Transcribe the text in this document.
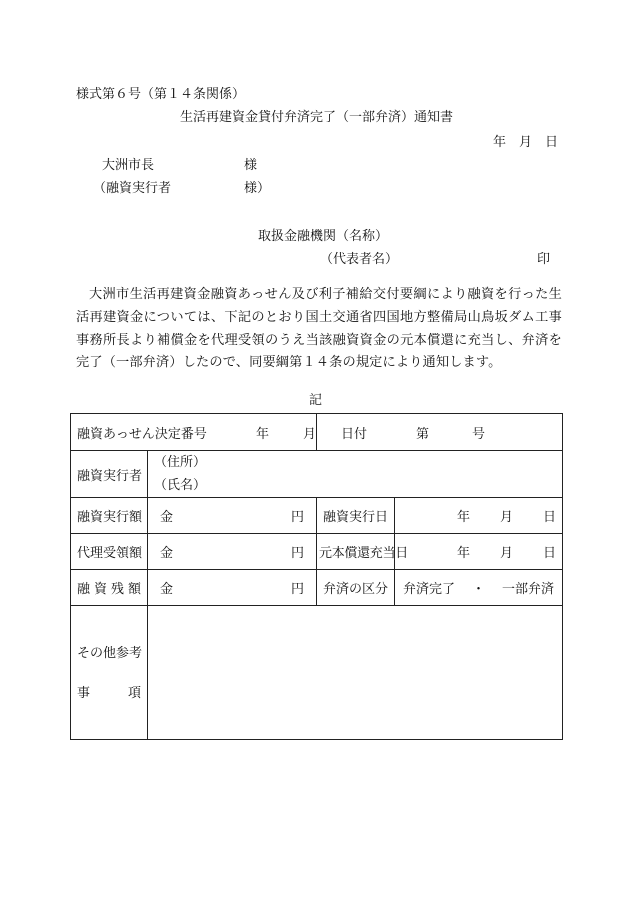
様式第６号（第１４条関係）
生活再建資金貸付弁済完了（一部弁済）通知書
年 月 日
大洲市長	様
（融資実行者	様）
取扱金融機関（名称）
（代表者名）	印
大洲市生活再建資金融資あっせん及び利子補給交付要綱により融資を行った生活再建資金については、下記のとおり国土交通省四国地方整備局山鳥坂ダム工事事務所長より補償金を代理受領のうえ当該融資資金の元本償還に充当し、弁済を完了（一部弁済）したので、同要綱第１４条の規定により通知します。
記
融資あっせん決定番号 年 月		日付 第 号	

融資実行者	（住所）
（氏名）		

融資実行額	金 円	融資実行日	年 月 日

代理受領額	金 円	元本償還充当日	年 月 日

融 資 残 額	金 円	弁済の区分	弁済完了 ・ 一部弁済

その他参考
事 項			
